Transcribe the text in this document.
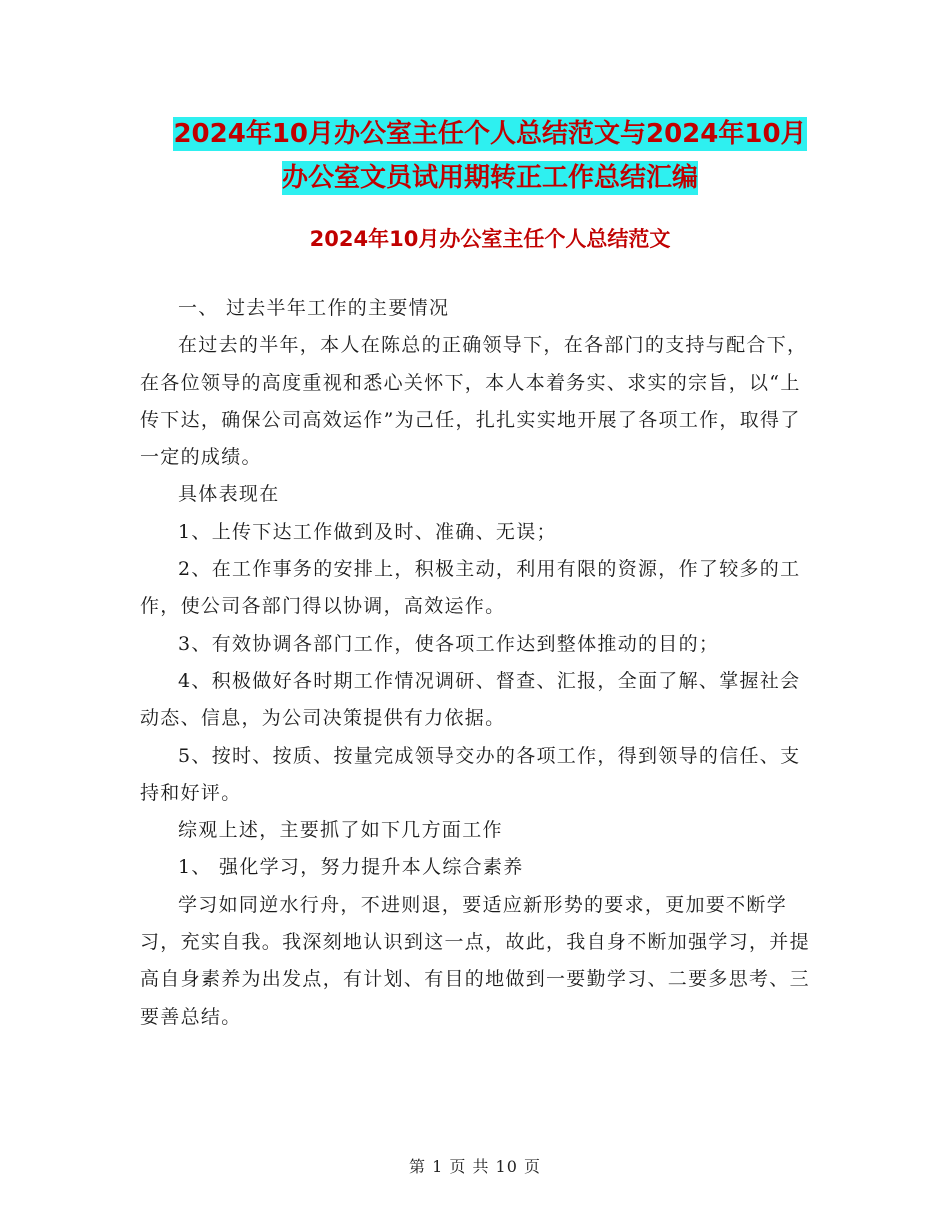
2024年10月办公室主任个人总结范文与2024年10月
办公室文员试用期转正工作总结汇编
2024年10月办公室主任个人总结范文

一、 过去半年工作的主要情况

在过去的半年，本人在陈总的正确领导下，在各部门的支持与配合下，在各位领导的高度重视和悉心关怀下，本人本着务实、求实的宗旨，以“上传下达，确保公司高效运作”为己任，扎扎实实地开展了各项工作，取得了一定的成绩。

具体表现在

1、上传下达工作做到及时、准确、无误；

2、在工作事务的安排上，积极主动，利用有限的资源，作了较多的工作，使公司各部门得以协调，高效运作。

3、有效协调各部门工作，使各项工作达到整体推动的目的；

4、积极做好各时期工作情况调研、督查、汇报，全面了解、掌握社会动态、信息，为公司决策提供有力依据。

5、按时、按质、按量完成领导交办的各项工作，得到领导的信任、支持和好评。

综观上述，主要抓了如下几方面工作

1、 强化学习，努力提升本人综合素养

学习如同逆水行舟，不进则退，要适应新形势的要求，更加要不断学习，充实自我。我深刻地认识到这一点，故此，我自身不断加强学习，并提高自身素养为出发点，有计划、有目的地做到一要勤学习、二要多思考、三要善总结。

第 1 页 共 10 页
